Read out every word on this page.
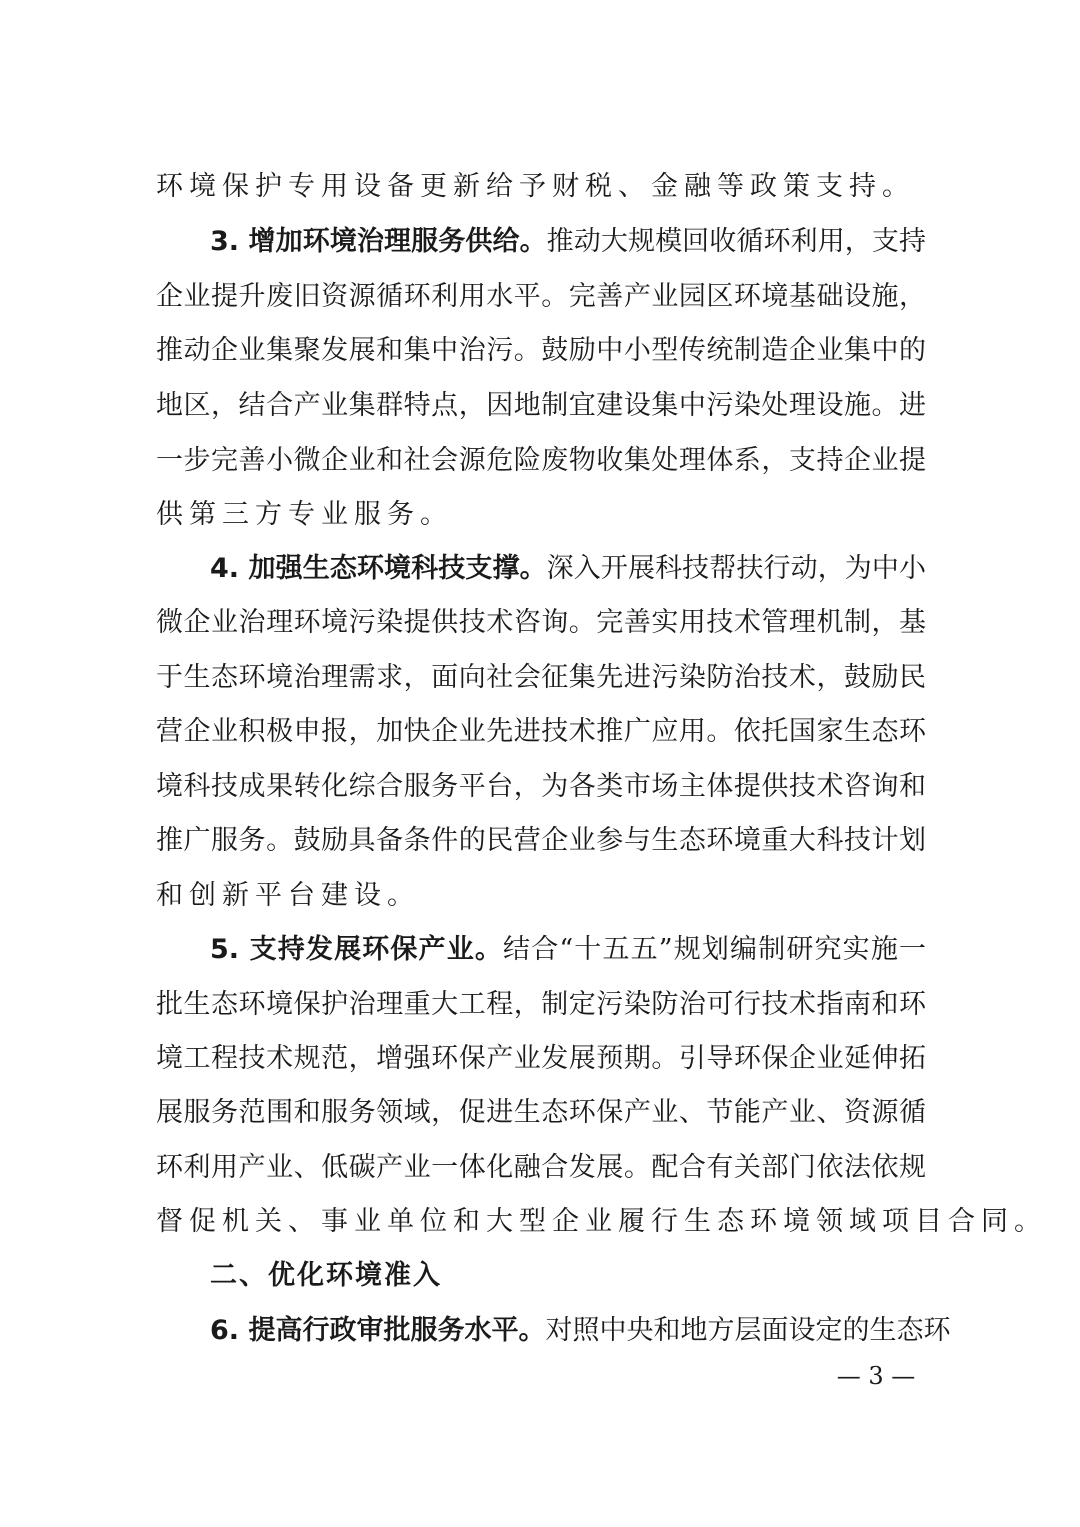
环境保护专用设备更新给予财税、金融等政策支持。
3. 增加环境治理服务供给。推动大规模回收循环利用，支持
企业提升废旧资源循环利用水平。完善产业园区环境基础设施，
推动企业集聚发展和集中治污。鼓励中小型传统制造企业集中的
地区，结合产业集群特点，因地制宜建设集中污染处理设施。进
一步完善小微企业和社会源危险废物收集处理体系，支持企业提
供第三方专业服务。
4. 加强生态环境科技支撑。深入开展科技帮扶行动，为中小
微企业治理环境污染提供技术咨询。完善实用技术管理机制，基
于生态环境治理需求，面向社会征集先进污染防治技术，鼓励民
营企业积极申报，加快企业先进技术推广应用。依托国家生态环
境科技成果转化综合服务平台，为各类市场主体提供技术咨询和
推广服务。鼓励具备条件的民营企业参与生态环境重大科技计划
和创新平台建设。
5. 支持发展环保产业。结合“十五五”规划编制研究实施一
批生态环境保护治理重大工程，制定污染防治可行技术指南和环
境工程技术规范，增强环保产业发展预期。引导环保企业延伸拓
展服务范围和服务领域，促进生态环保产业、节能产业、资源循
环利用产业、低碳产业一体化融合发展。配合有关部门依法依规
督促机关、事业单位和大型企业履行生态环境领域项目合同。
二、优化环境准入
6. 提高行政审批服务水平。对照中央和地方层面设定的生态环
— 3 —
